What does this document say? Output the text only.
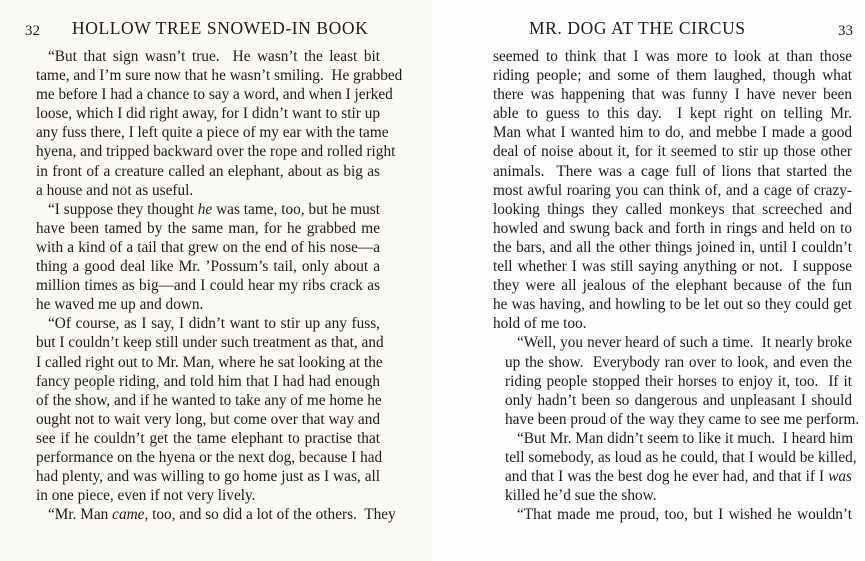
32 HOLLOW TREE SNOWED-IN BOOK
“But that sign wasn’t true.  He wasn’t the least bit
tame, and I’m sure now that he wasn’t smiling.  He grabbed
me before I had a chance to say a word, and when I jerked
loose, which I did right away, for I didn’t want to stir up
any fuss there, I left quite a piece of my ear with the tame
hyena, and tripped backward over the rope and rolled right
in front of a creature called an elephant, about as big as
a house and not as useful.
“I suppose they thought he was tame, too, but he must
have been tamed by the same man, for he grabbed me
with a kind of a tail that grew on the end of his nose—a
thing a good deal like Mr. ’Possum’s tail, only about a
million times as big—and I could hear my ribs crack as
he waved me up and down.
“Of course, as I say, I didn’t want to stir up any fuss,
but I couldn’t keep still under such treatment as that, and
I called right out to Mr. Man, where he sat looking at the
fancy people riding, and told him that I had had enough
of the show, and if he wanted to take any of me home he
ought not to wait very long, but come over that way and
see if he couldn’t get the tame elephant to practise that
performance on the hyena or the next dog, because I had
had plenty, and was willing to go home just as I was, all
in one piece, even if not very lively.
“Mr. Man came, too, and so did a lot of the others.  They
MR. DOG AT THE CIRCUS	33
seemed to think that I was more to look at than those
riding people; and some of them laughed, though what
there was happening that was funny I have never been
able to guess to this day.  I kept right on telling Mr.
Man what I wanted him to do, and mebbe I made a good
deal of noise about it, for it seemed to stir up those other
animals.  There was a cage full of lions that started the
most awful roaring you can think of, and a cage of crazy-
looking things they called monkeys that screeched and
howled and swung back and forth in rings and held on to
the bars, and all the other things joined in, until I couldn’t
tell whether I was still saying anything or not.  I suppose
they were all jealous of the elephant because of the fun
he was having, and howling to be let out so they could get
hold of me too.
“Well, you never heard of such a time.  It nearly broke
up the show.  Everybody ran over to look, and even the
riding people stopped their horses to enjoy it, too.  If it
only hadn’t been so dangerous and unpleasant I should
have been proud of the way they came to see me perform.
“But Mr. Man didn’t seem to like it much.  I heard him
tell somebody, as loud as he could, that I would be killed,
and that I was the best dog he ever had, and that if I was
killed he’d sue the show.
“That made me proud, too, but I wished he wouldn’t
